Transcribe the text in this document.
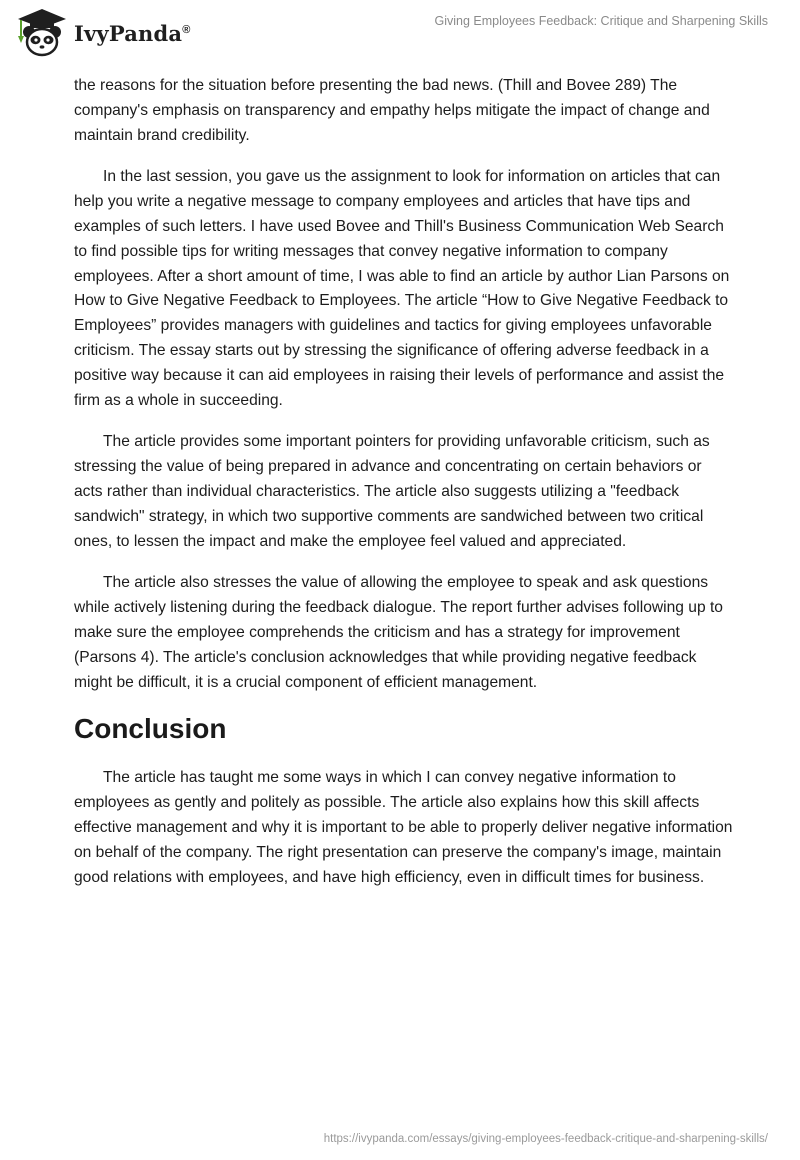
IvyPanda®
Giving Employees Feedback: Critique and Sharpening Skills

the reasons for the situation before presenting the bad news. (Thill and Bovee 289) The company's emphasis on transparency and empathy helps mitigate the impact of change and maintain brand credibility.

In the last session, you gave us the assignment to look for information on articles that can help you write a negative message to company employees and articles that have tips and examples of such letters. I have used Bovee and Thill's Business Communication Web Search to find possible tips for writing messages that convey negative information to company employees. After a short amount of time, I was able to find an article by author Lian Parsons on How to Give Negative Feedback to Employees. The article “How to Give Negative Feedback to Employees” provides managers with guidelines and tactics for giving employees unfavorable criticism. The essay starts out by stressing the significance of offering adverse feedback in a positive way because it can aid employees in raising their levels of performance and assist the firm as a whole in succeeding.

The article provides some important pointers for providing unfavorable criticism, such as stressing the value of being prepared in advance and concentrating on certain behaviors or acts rather than individual characteristics. The article also suggests utilizing a "feedback sandwich" strategy, in which two supportive comments are sandwiched between two critical ones, to lessen the impact and make the employee feel valued and appreciated.

The article also stresses the value of allowing the employee to speak and ask questions while actively listening during the feedback dialogue. The report further advises following up to make sure the employee comprehends the criticism and has a strategy for improvement (Parsons 4). The article's conclusion acknowledges that while providing negative feedback might be difficult, it is a crucial component of efficient management.

Conclusion

The article has taught me some ways in which I can convey negative information to employees as gently and politely as possible. The article also explains how this skill affects effective management and why it is important to be able to properly deliver negative information on behalf of the company. The right presentation can preserve the company's image, maintain good relations with employees, and have high efficiency, even in difficult times for business.

https://ivypanda.com/essays/giving-employees-feedback-critique-and-sharpening-skills/
